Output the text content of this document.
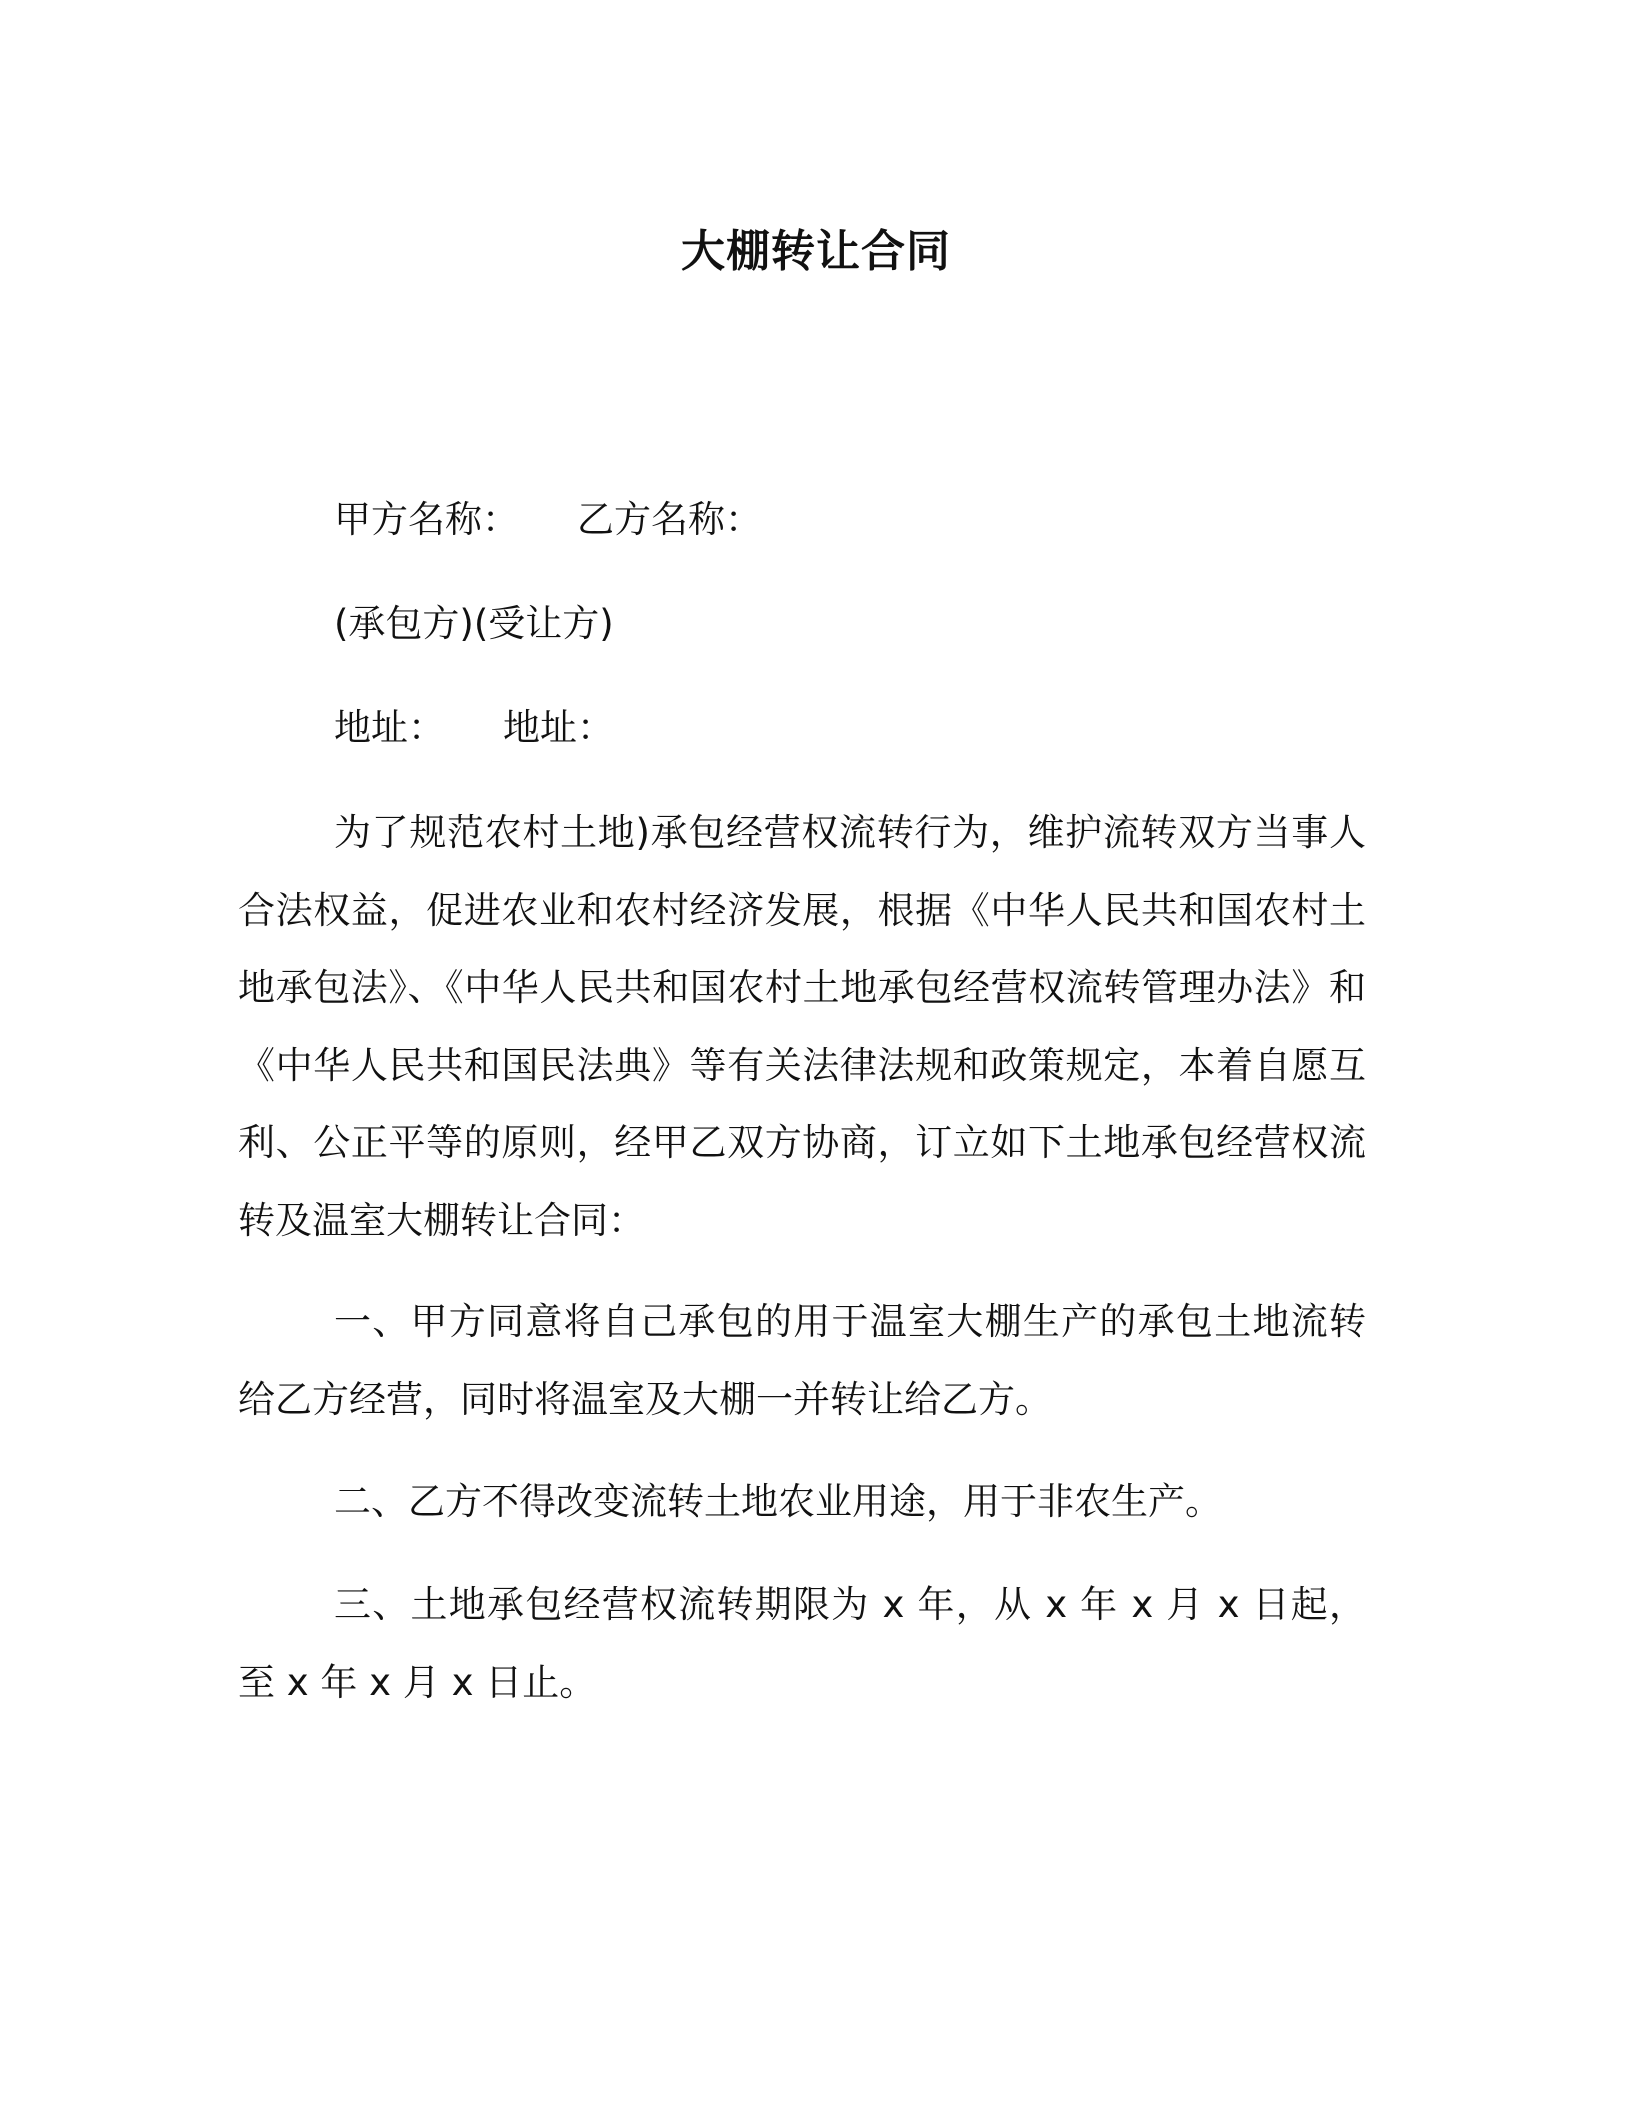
大棚转让合同
甲方名称： 乙方名称：
(承包方)(受让方)
地址： 地址：
为了规范农村土地)承包经营权流转行为，维护流转双方当事人合法权益，促进农业和农村经济发展，根据《中华人民共和国农村土地承包法》、《中华人民共和国农村土地承包经营权流转管理办法》和《中华人民共和国民法典》等有关法律法规和政策规定，本着自愿互利、公正平等的原则，经甲乙双方协商，订立如下土地承包经营权流转及温室大棚转让合同：
一、甲方同意将自己承包的用于温室大棚生产的承包土地流转给乙方经营，同时将温室及大棚一并转让给乙方。
二、乙方不得改变流转土地农业用途，用于非农生产。
三、土地承包经营权流转期限为 x 年，从 x 年 x 月 x 日起，至 x 年 x 月 x 日止。
